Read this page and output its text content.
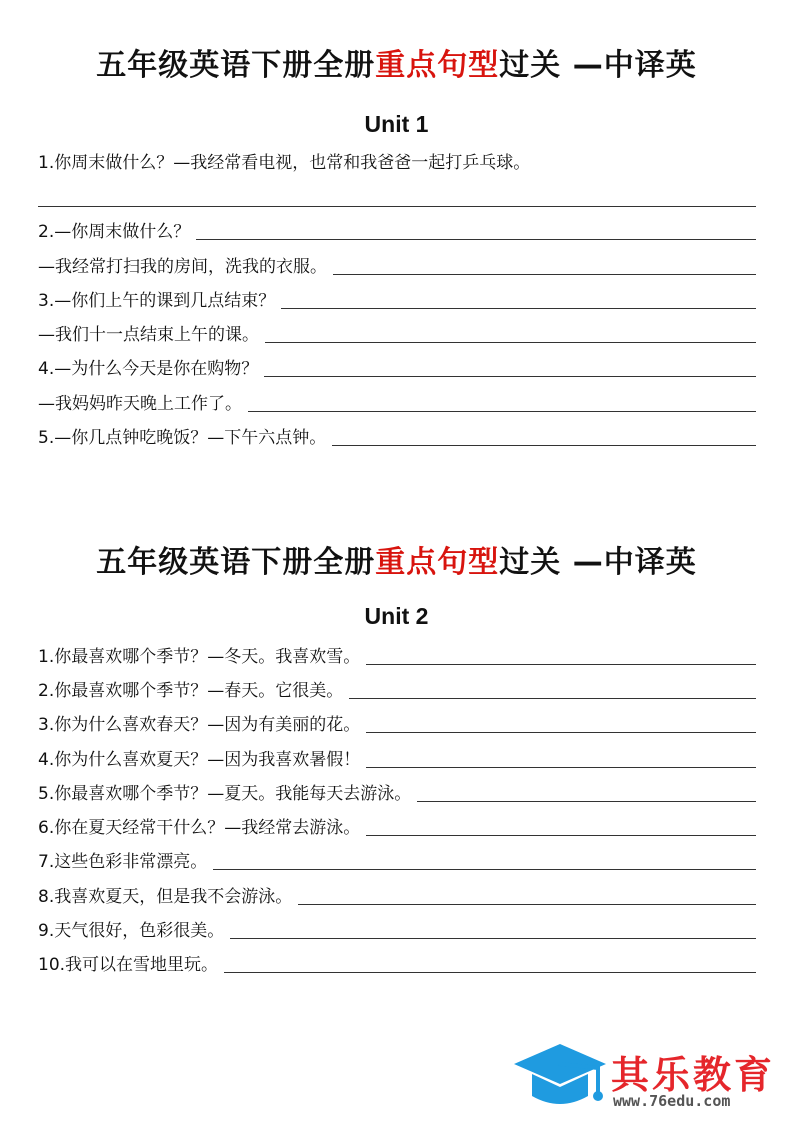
五年级英语下册全册重点句型过关 —中译英
Unit 1
1.你周末做什么？—我经常看电视，也常和我爸爸一起打乒乓球。
2.—你周末做什么？
—我经常打扫我的房间，洗我的衣服。
3.—你们上午的课到几点结束？
—我们十一点结束上午的课。
4.—为什么今天是你在购物？
—我妈妈昨天晚上工作了。
5.—你几点钟吃晚饭？—下午六点钟。
五年级英语下册全册重点句型过关 —中译英
Unit 2
1.你最喜欢哪个季节？—冬天。我喜欢雪。
2.你最喜欢哪个季节？—春天。它很美。
3.你为什么喜欢春天？—因为有美丽的花。
4.你为什么喜欢夏天？—因为我喜欢暑假！
5.你最喜欢哪个季节？—夏天。我能每天去游泳。
6.你在夏天经常干什么？—我经常去游泳。
7.这些色彩非常漂亮。
8.我喜欢夏天，但是我不会游泳。
9.天气很好，色彩很美。
10.我可以在雪地里玩。
其乐教育
www.76edu.com
